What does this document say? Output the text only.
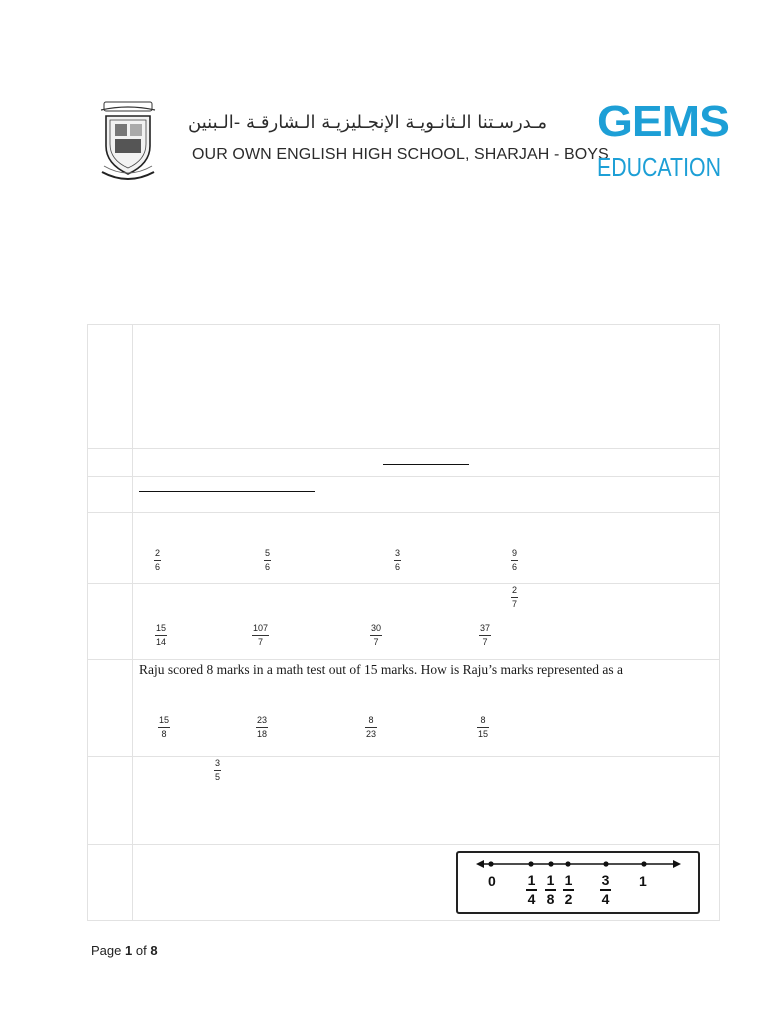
مـدرسـتنا الـثانـويـة الإنجـليزيـة الـشارقـة -الـبنين
OUR OWN ENGLISH HIGH SCHOOL, SHARJAH - BOYS
GEMS
EDUCATION
2
6
5
6
3
6
9
6
2
7
15
14
107
7
30
7
37
7
Raju scored 8 marks in a math test out of 15 marks. How is Raju’s marks represented as a
15
8
23
18
8
23
8
15
3
5
0 1
4
1
8
1
2
3
4
1
Page 1 of 8
